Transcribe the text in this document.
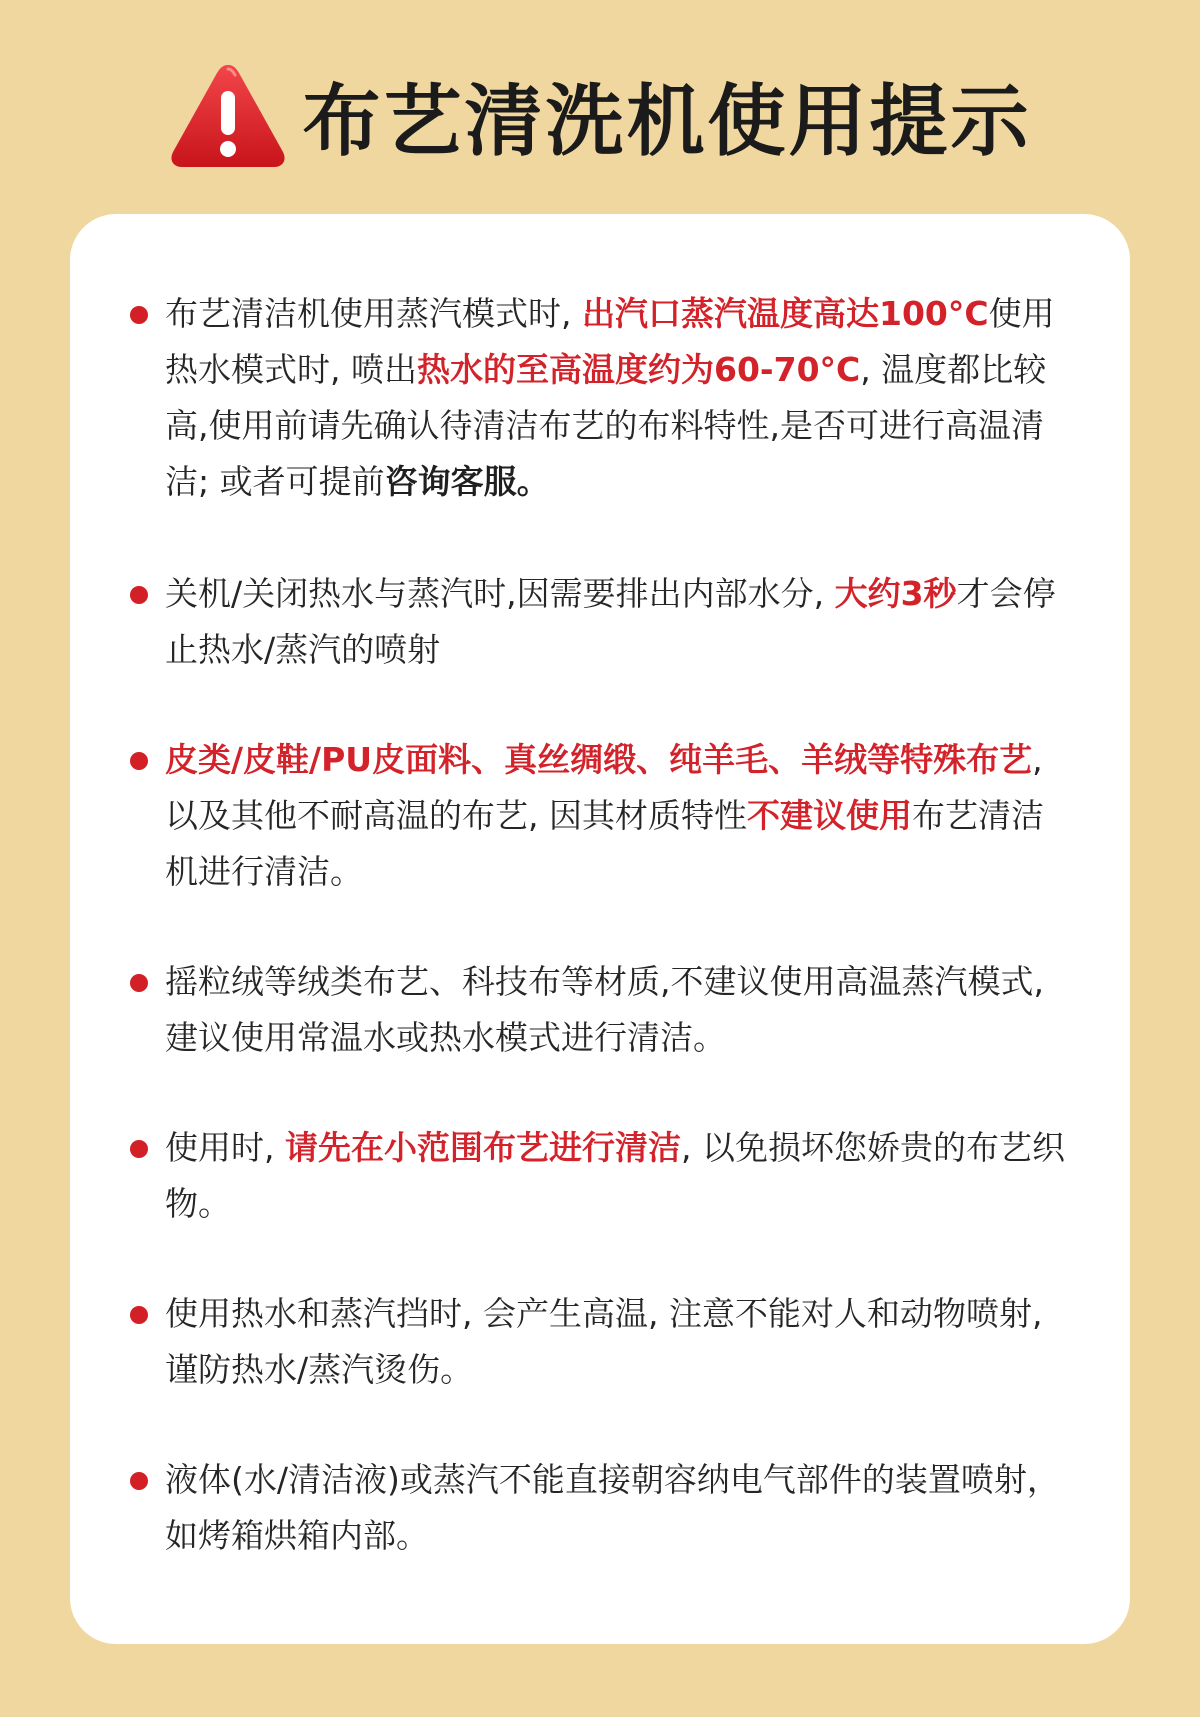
布艺清洗机使用提示
布艺清洁机使用蒸汽模式时, 出汽口蒸汽温度高达100°C使用热水模式时, 喷出热水的至高温度约为60-70°C, 温度都比较高,使用前请先确认待清洁布艺的布料特性,是否可进行高温清洁; 或者可提前咨询客服。
关机/关闭热水与蒸汽时,因需要排出内部水分, 大约3秒才会停止热水/蒸汽的喷射
皮类/皮鞋/PU皮面料、真丝绸缎、纯羊毛、羊绒等特殊布艺, 以及其他不耐高温的布艺, 因其材质特性不建议使用布艺清洁机进行清洁。
摇粒绒等绒类布艺、科技布等材质,不建议使用高温蒸汽模式,建议使用常温水或热水模式进行清洁。
使用时, 请先在小范围布艺进行清洁, 以免损坏您娇贵的布艺织物。
使用热水和蒸汽挡时, 会产生高温, 注意不能对人和动物喷射,谨防热水/蒸汽烫伤。
液体(水/清洁液)或蒸汽不能直接朝容纳电气部件的装置喷射，如烤箱烘箱内部。
